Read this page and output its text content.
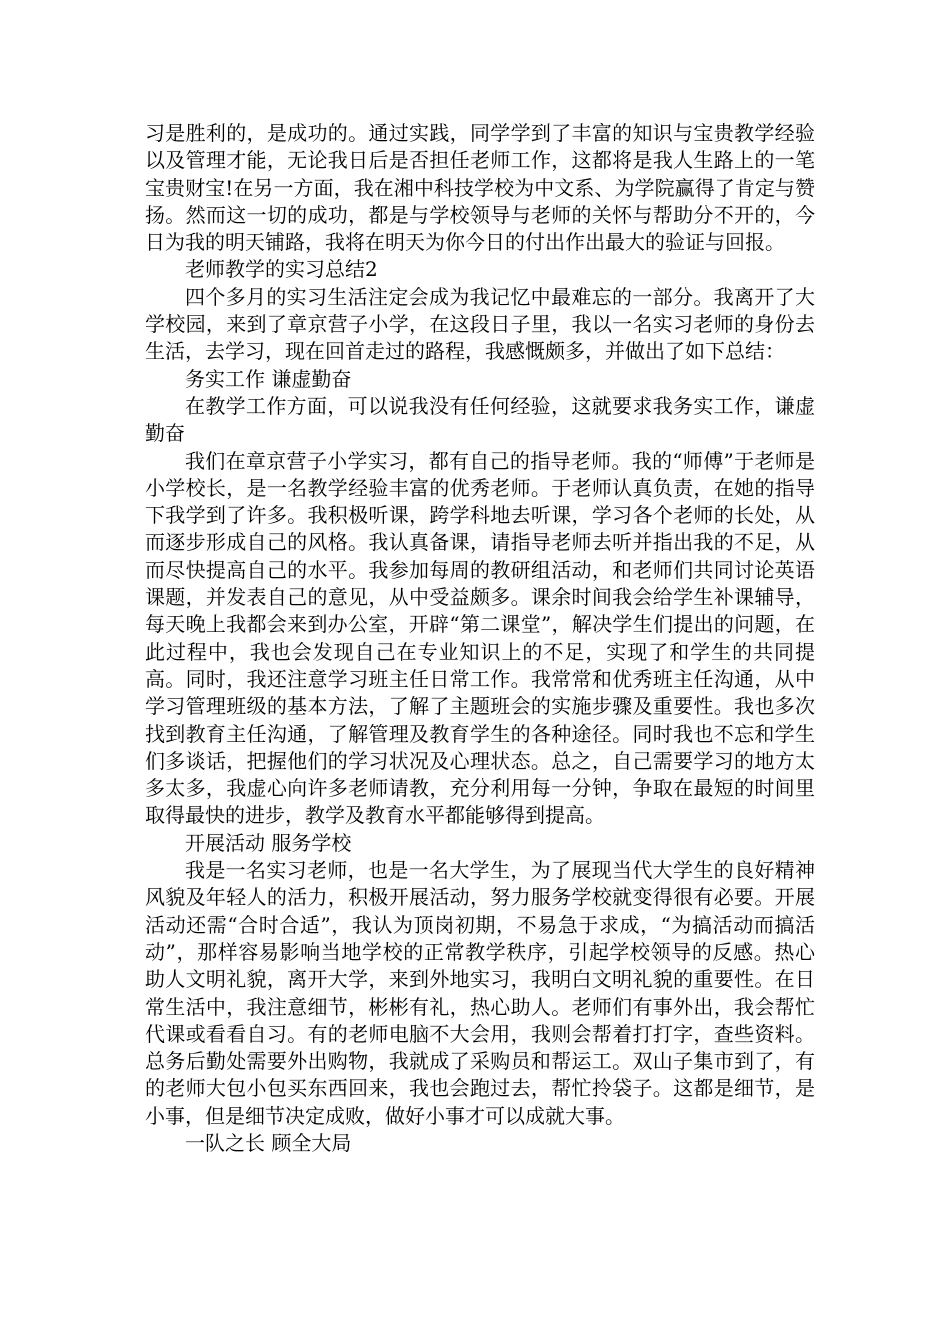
习是胜利的，是成功的。通过实践，同学学到了丰富的知识与宝贵教学经验以及管理才能，无论我日后是否担任老师工作，这都将是我人生路上的一笔宝贵财宝!在另一方面，我在湘中科技学校为中文系、为学院赢得了肯定与赞扬。然而这一切的成功，都是与学校领导与老师的关怀与帮助分不开的，今日为我的明天铺路，我将在明天为你今日的付出作出最大的验证与回报。

老师教学的实习总结2

四个多月的实习生活注定会成为我记忆中最难忘的一部分。我离开了大学校园，来到了章京营子小学，在这段日子里，我以一名实习老师的身份去生活，去学习，现在回首走过的路程，我感慨颇多，并做出了如下总结：

务实工作 谦虚勤奋

在教学工作方面，可以说我没有任何经验，这就要求我务实工作，谦虚勤奋

我们在章京营子小学实习，都有自己的指导老师。我的“师傅”于老师是小学校长，是一名教学经验丰富的优秀老师。于老师认真负责，在她的指导下我学到了许多。我积极听课，跨学科地去听课，学习各个老师的长处，从而逐步形成自己的风格。我认真备课，请指导老师去听并指出我的不足，从而尽快提高自己的水平。我参加每周的教研组活动，和老师们共同讨论英语课题，并发表自己的意见，从中受益颇多。课余时间我会给学生补课辅导，每天晚上我都会来到办公室，开辟“第二课堂”，解决学生们提出的问题，在此过程中，我也会发现自己在专业知识上的不足，实现了和学生的共同提高。同时，我还注意学习班主任日常工作。我常常和优秀班主任沟通，从中学习管理班级的基本方法，了解了主题班会的实施步骤及重要性。我也多次找到教育主任沟通，了解管理及教育学生的各种途径。同时我也不忘和学生们多谈话，把握他们的学习状况及心理状态。总之，自己需要学习的地方太多太多，我虚心向许多老师请教，充分利用每一分钟，争取在最短的时间里取得最快的进步，教学及教育水平都能够得到提高。

开展活动 服务学校

我是一名实习老师，也是一名大学生，为了展现当代大学生的良好精神风貌及年轻人的活力，积极开展活动，努力服务学校就变得很有必要。开展活动还需“合时合适”，我认为顶岗初期，不易急于求成，“为搞活动而搞活动”，那样容易影响当地学校的正常教学秩序，引起学校领导的反感。热心助人文明礼貌，离开大学，来到外地实习，我明白文明礼貌的重要性。在日常生活中，我注意细节，彬彬有礼，热心助人。老师们有事外出，我会帮忙代课或看看自习。有的老师电脑不大会用，我则会帮着打打字，查些资料。总务后勤处需要外出购物，我就成了采购员和帮运工。双山子集市到了，有的老师大包小包买东西回来，我也会跑过去，帮忙拎袋子。这都是细节，是小事，但是细节决定成败，做好小事才可以成就大事。

一队之长 顾全大局
